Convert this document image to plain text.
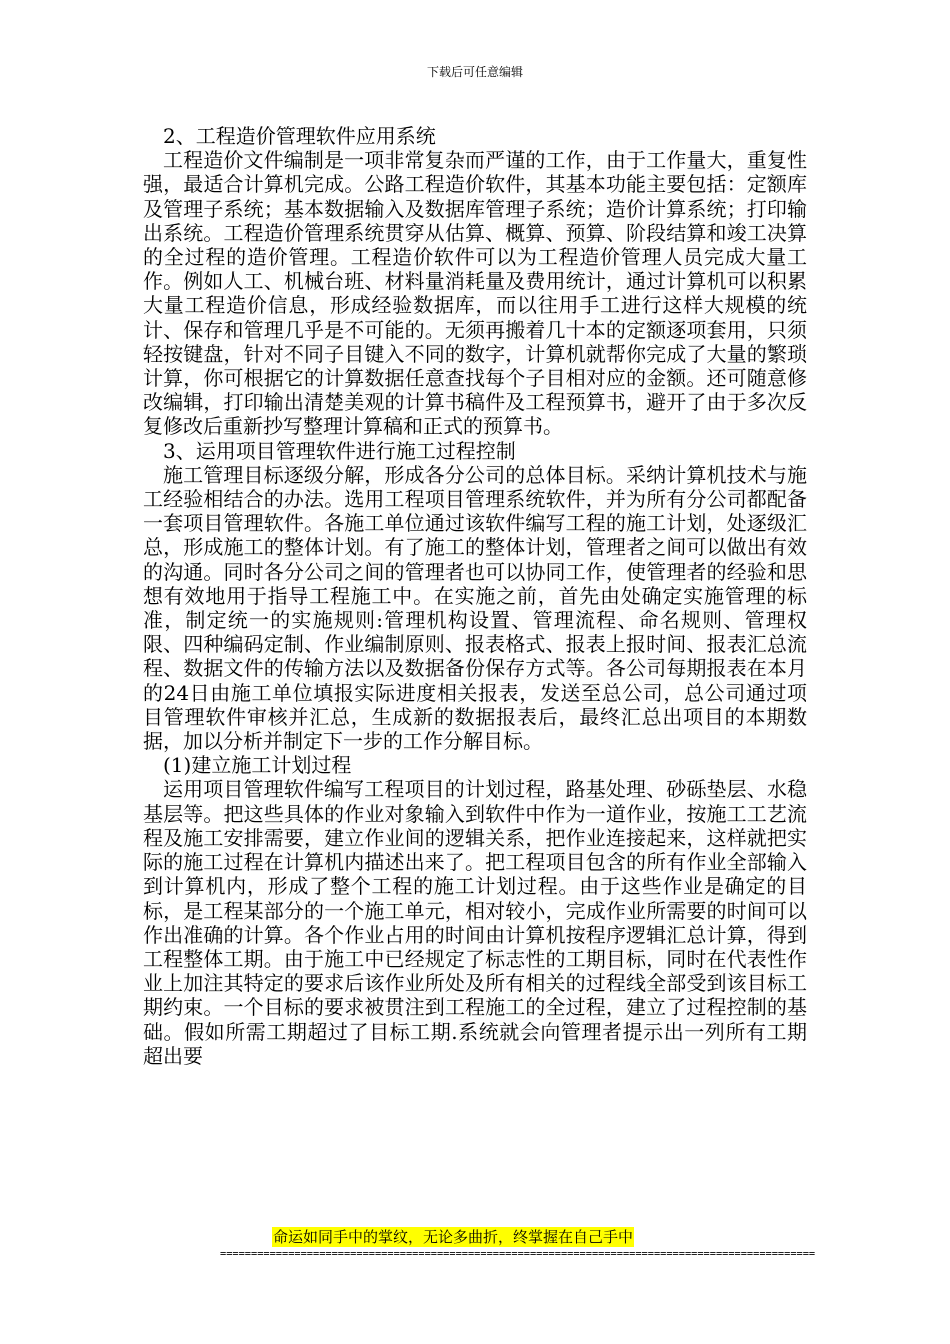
下载后可任意编辑

2、工程造价管理软件应用系统

工程造价文件编制是一项非常复杂而严谨的工作，由于工作量大，重复性强，最适合计算机完成。公路工程造价软件，其基本功能主要包括：定额库及管理子系统；基本数据输入及数据库管理子系统；造价计算系统；打印输出系统。工程造价管理系统贯穿从估算、概算、预算、阶段结算和竣工决算的全过程的造价管理。工程造价软件可以为工程造价管理人员完成大量工作。例如人工、机械台班、材料量消耗量及费用统计，通过计算机可以积累大量工程造价信息，形成经验数据库，而以往用手工进行这样大规模的统计、保存和管理几乎是不可能的。无须再搬着几十本的定额逐项套用，只须轻按键盘，针对不同子目键入不同的数字，计算机就帮你完成了大量的繁琐计算，你可根据它的计算数据任意查找每个子目相对应的金额。还可随意修改编辑，打印输出清楚美观的计算书稿件及工程预算书，避开了由于多次反复修改后重新抄写整理计算稿和正式的预算书。

3、运用项目管理软件进行施工过程控制

施工管理目标逐级分解，形成各分公司的总体目标。采纳计算机技术与施工经验相结合的办法。选用工程项目管理系统软件，并为所有分公司都配备一套项目管理软件。各施工单位通过该软件编写工程的施工计划，处逐级汇总，形成施工的整体计划。有了施工的整体计划，管理者之间可以做出有效的沟通。同时各分公司之间的管理者也可以协同工作，使管理者的经验和思想有效地用于指导工程施工中。在实施之前，首先由处确定实施管理的标准，制定统一的实施规则:管理机构设置、管理流程、命名规则、管理权限、四种编码定制、作业编制原则、报表格式、报表上报时间、报表汇总流程、数据文件的传输方法以及数据备份保存方式等。各公司每期报表在本月的24日由施工单位填报实际进度相关报表，发送至总公司，总公司通过项目管理软件审核并汇总，生成新的数据报表后，最终汇总出项目的本期数据，加以分析并制定下一步的工作分解目标。

(1)建立施工计划过程

运用项目管理软件编写工程项目的计划过程，路基处理、砂砾垫层、水稳基层等。把这些具体的作业对象输入到软件中作为一道作业，按施工工艺流程及施工安排需要，建立作业间的逻辑关系，把作业连接起来，这样就把实际的施工过程在计算机内描述出来了。把工程项目包含的所有作业全部输入到计算机内，形成了整个工程的施工计划过程。由于这些作业是确定的目标，是工程某部分的一个施工单元，相对较小，完成作业所需要的时间可以作出准确的计算。各个作业占用的时间由计算机按程序逻辑汇总计算，得到工程整体工期。由于施工中已经规定了标志性的工期目标，同时在代表性作业上加注其特定的要求后该作业所处及所有相关的过程线全部受到该目标工期约束。一个目标的要求被贯注到工程施工的全过程，建立了过程控制的基础。假如所需工期超过了目标工期.系统就会向管理者提示出一列所有工期超出要

命运如同手中的掌纹，无论多曲折，终掌握在自己手中
================================================================================================
